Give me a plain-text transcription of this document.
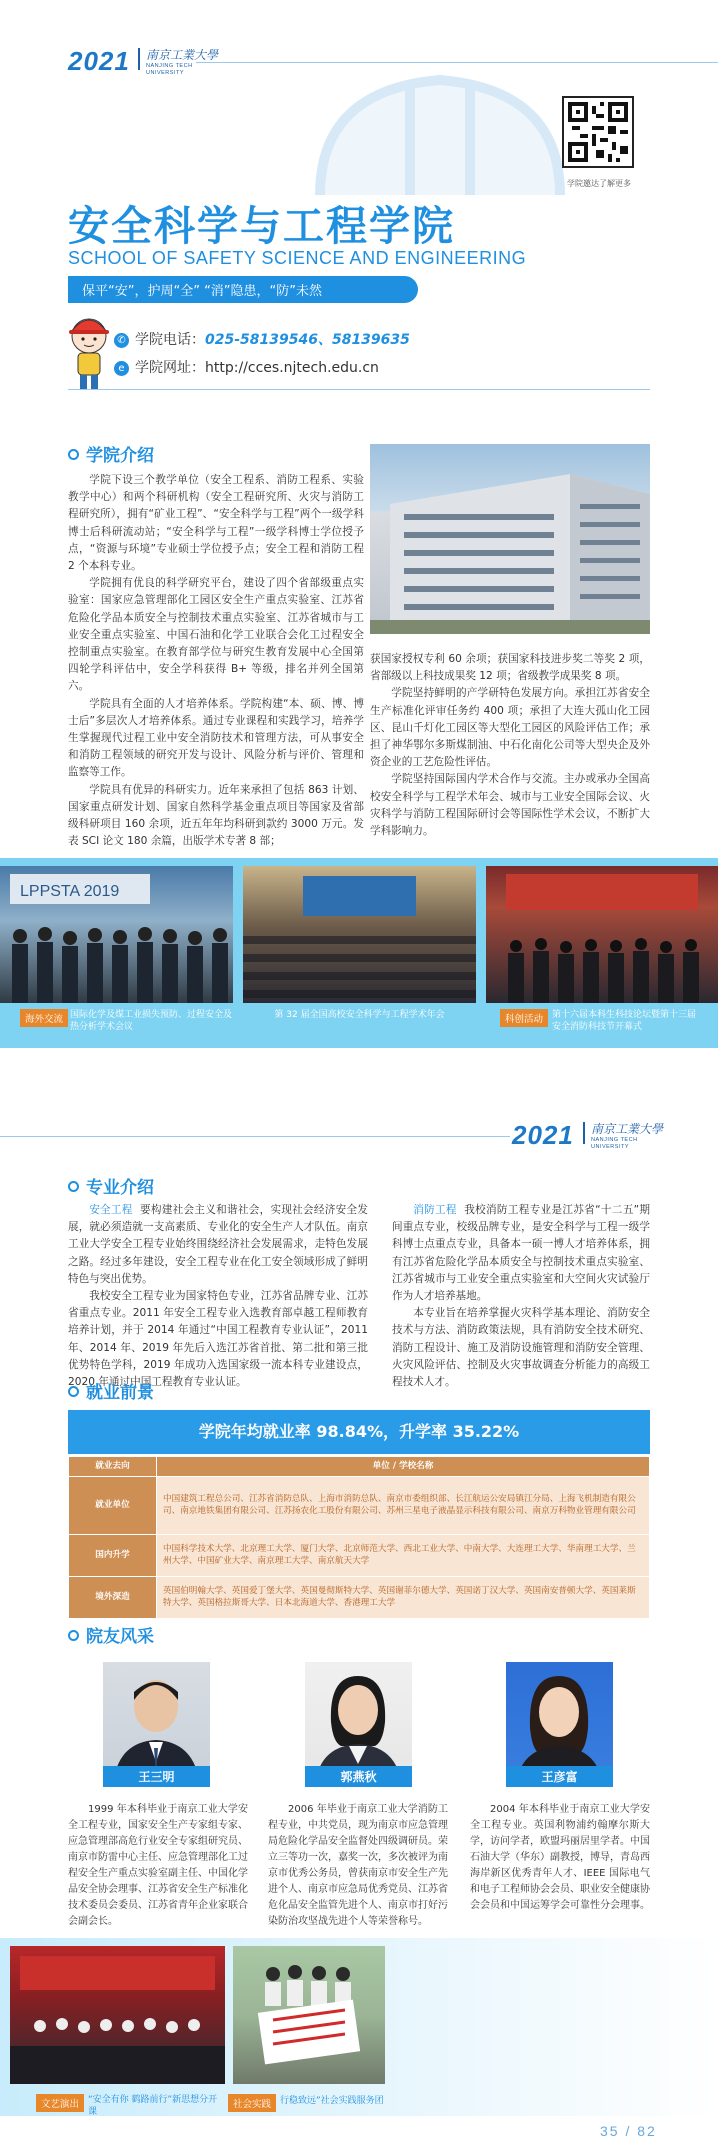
2021 南京工業大學
NANJING TECH UNIVERSITY
学院邀达了解更多
安全科学与工程学院
SCHOOL OF SAFETY SCIENCE AND ENGINEERING
保平“安”，护周“全” “消”隐患，“防”未然
✆ 学院电话：025-58139546、58139635
e 学院网址：http://cces.njtech.edu.cn
学院介绍

学院下设三个教学单位（安全工程系、消防工程系、实验教学中心）和两个科研机构（安全工程研究所、火灾与消防工程研究所），拥有“矿业工程”、“安全科学与工程”两个一级学科博士后科研流动站；“安全科学与工程”一级学科博士学位授予点，“资源与环境”专业硕士学位授予点；安全工程和消防工程 2 个本科专业。

学院拥有优良的科学研究平台，建设了四个省部级重点实验室：国家应急管理部化工园区安全生产重点实验室、江苏省危险化学品本质安全与控制技术重点实验室、江苏省城市与工业安全重点实验室、中国石油和化学工业联合会化工过程安全控制重点实验室。在教育部学位与研究生教育发展中心全国第四轮学科评估中，安全学科获得 B+ 等级，排名并列全国第六。

学院具有全面的人才培养体系。学院构建“本、硕、博、博士后”多层次人才培养体系。通过专业课程和实践学习，培养学生掌握现代过程工业中安全消防技术和管理方法，可从事安全和消防工程领域的研究开发与设计、风险分析与评价、管理和监察等工作。

学院具有优异的科研实力。近年来承担了包括 863 计划、国家重点研发计划、国家自然科学基金重点项目等国家及省部级科研项目 160 余项，近五年年均科研到款约 3000 万元。发表 SCI 论文 180 余篇，出版学术专著 8 部；

获国家授权专利 60 余项；获国家科技进步奖二等奖 2 项，省部级以上科技成果奖 12 项；省级教学成果奖 8 项。

学院坚持鲜明的产学研特色发展方向。承担江苏省安全生产标准化评审任务约 400 项；承担了大连大孤山化工园区、昆山千灯化工园区等大型化工园区的风险评估工作；承担了神华鄂尔多斯煤制油、中石化南化公司等大型央企及外资企业的工艺危险性评估。

学院坚持国际国内学术合作与交流。主办或承办全国高校安全科学与工程学术年会、城市与工业安全国际会议、火灾科学与消防工程国际研讨会等国际性学术会议，不断扩大学科影响力。

LPPSTA 2019
海外交流 国际化学及煤工业损失预防、过程安全及热分析学术会议
第 32 届全国高校安全科学与工程学术年会	科创活动 第十六届本科生科技论坛暨第十三届安全消防科技节开幕式
2021 南京工業大學
NANJING TECH UNIVERSITY
专业介绍

安全工程 要构建社会主义和谐社会，实现社会经济安全发展，就必须造就一支高素质、专业化的安全生产人才队伍。南京工业大学安全工程专业始终围绕经济社会发展需求，走特色发展之路。经过多年建设，安全工程专业在化工安全领域形成了鲜明特色与突出优势。

我校安全工程专业为国家特色专业，江苏省品牌专业、江苏省重点专业。2011 年安全工程专业入选教育部卓越工程师教育培养计划，并于 2014 年通过“中国工程教育专业认证”，2011 年、2014 年、2019 年先后入选江苏省首批、第二批和第三批优势特色学科，2019 年成功入选国家级一流本科专业建设点，2020 年通过中国工程教育专业认证。

消防工程 我校消防工程专业是江苏省“十二五”期间重点专业，校级品牌专业，是安全科学与工程一级学科博士点重点专业，具备本一硕一博人才培养体系，拥有江苏省危险化学品本质安全与控制技术重点实验室、江苏省城市与工业安全重点实验室和大空间火灾试验厅作为人才培养基地。

本专业旨在培养掌握火灾科学基本理论、消防安全技术与方法、消防政策法规，具有消防安全技术研究、消防工程设计、施工及消防设施管理和消防安全管理、火灾风险评估、控制及火灾事故调查分析能力的高级工程技术人才。

就业前景
学院年均就业率 98.84%，升学率 35.22%
就业去向	单位 / 学校名称
就业单位	中国建筑工程总公司、江苏省消防总队、上海市消防总队、南京市委组织部、长江航运公安局镇江分局、上海飞机制造有限公司、南京地铁集团有限公司、江苏扬农化工股份有限公司、苏州三星电子液晶显示科技有限公司、南京万科物业管理有限公司
国内升学	中国科学技术大学、北京理工大学、厦门大学、北京师范大学、西北工业大学、中南大学、大连理工大学、华南理工大学、兰州大学、中国矿业大学、南京理工大学、南京航天大学
境外深造	英国伯明翰大学、英国爱丁堡大学、英国曼彻斯特大学、英国谢菲尔德大学、英国诺丁汉大学、英国南安普顿大学、英国莱斯特大学、英国格拉斯哥大学、日本北海道大学、香港理工大学
院友风采
王三明	郭燕秋	王彦富
1999 年本科毕业于南京工业大学安全工程专业，国家安全生产专家组专家、应急管理部高危行业安全专家组研究员、南京市防雷中心主任、应急管理部化工过程安全生产重点实验室副主任、中国化学品安全协会理事、江苏省安全生产标准化技术委员会委员、江苏省青年企业家联合会副会长。
2006 年毕业于南京工业大学消防工程专业，中共党员，现为南京市应急管理局危险化学品安全监督处四级调研员。荣立三等功一次，嘉奖一次，多次被评为南京市优秀公务员，曾获南京市安全生产先进个人、南京市应急局优秀党员、江苏省危化品安全监管先进个人、南京市打好污染防治攻坚战先进个人等荣誉称号。
2004 年本科毕业于南京工业大学安全工程专业。英国利物浦约翰摩尔斯大学，访问学者，欧盟玛丽居里学者。中国石油大学（华东）副教授，博导，青岛西海岸新区优秀青年人才、IEEE 国际电气和电子工程师协会会员、职业安全健康协会会员和中国运筹学会可靠性分会理事。
文艺演出 “安全有你 鹤路前行”新思想分开课
社会实践 行稳致远”社会实践服务团
35 / 82
